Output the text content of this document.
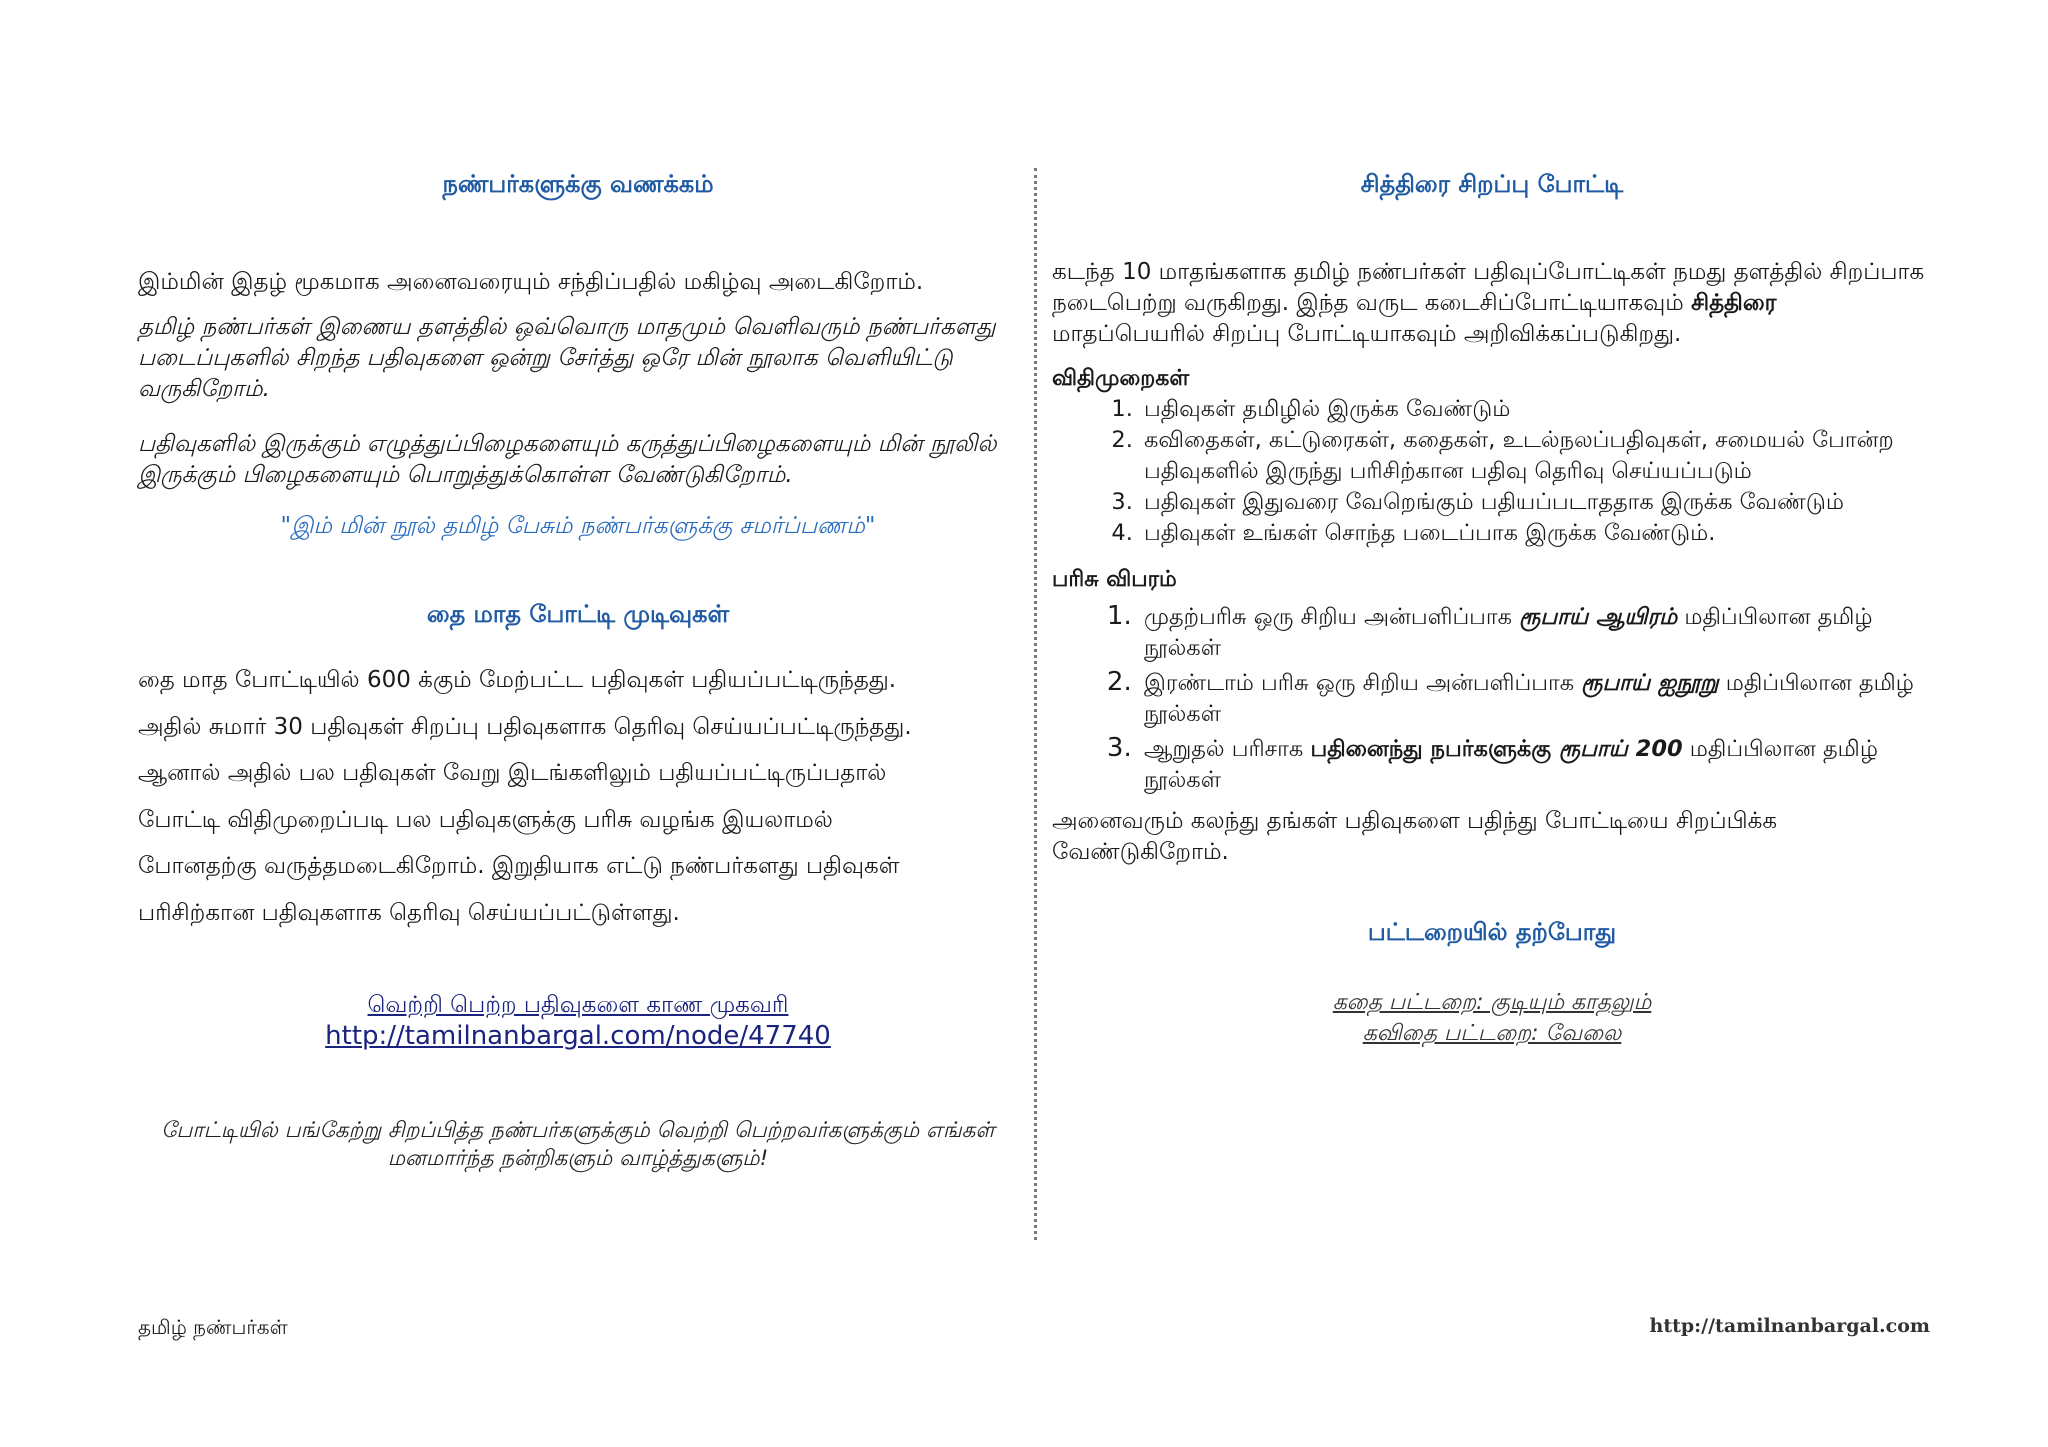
நண்பர்களுக்கு வணக்கம்

இம்மின் இதழ் மூகமாக அனைவரையும் சந்திப்பதில் மகிழ்வு அடைகிறோம்.

தமிழ் நண்பர்கள் இணைய தளத்தில் ஒவ்வொரு மாதமும் வெளிவரும் நண்பர்களது படைப்புகளில் சிறந்த பதிவுகளை ஒன்று சேர்த்து ஒரே மின் நூலாக வெளியிட்டு வருகிறோம்.

பதிவுகளில் இருக்கும் எழுத்துப்பிழைகளையும் கருத்துப்பிழைகளையும் மின் நூலில் இருக்கும் பிழைகளையும் பொறுத்துக்கொள்ள வேண்டுகிறோம்.

"இம் மின் நூல் தமிழ் பேசும் நண்பர்களுக்கு சமர்ப்பணம்"
தை மாத போட்டி முடிவுகள்

தை மாத போட்டியில் 600 க்கும் மேற்பட்ட பதிவுகள் பதியப்பட்டிருந்தது.

அதில் சுமார் 30 பதிவுகள் சிறப்பு பதிவுகளாக தெரிவு செய்யப்பட்டிருந்தது.

ஆனால் அதில் பல பதிவுகள் வேறு இடங்களிலும் பதியப்பட்டிருப்பதால்

போட்டி விதிமுறைப்படி பல பதிவுகளுக்கு பரிசு வழங்க இயலாமல்

போனதற்கு வருத்தமடைகிறோம். இறுதியாக எட்டு நண்பர்களது பதிவுகள்

பரிசிற்கான பதிவுகளாக தெரிவு செய்யப்பட்டுள்ளது.

வெற்றி பெற்ற பதிவுகளை காண முகவரி
http://tamilnanbargal.com/node/47740
போட்டியில் பங்கேற்று சிறப்பித்த நண்பர்களுக்கும் வெற்றி பெற்றவர்களுக்கும் எங்கள் மனமார்ந்த நன்றிகளும் வாழ்த்துகளும்!
சித்திரை சிறப்பு போட்டி

கடந்த 10 மாதங்களாக தமிழ் நண்பர்கள் பதிவுப்போட்டிகள் நமது தளத்தில் சிறப்பாக நடைபெற்று வருகிறது. இந்த வருட கடைசிப்போட்டியாகவும் சித்திரை மாதப்பெயரில் சிறப்பு போட்டியாகவும் அறிவிக்கப்படுகிறது.

விதிமுறைகள்

1. பதிவுகள் தமிழில் இருக்க வேண்டும்
2. கவிதைகள், கட்டுரைகள், கதைகள், உடல்நலப்பதிவுகள், சமையல் போன்ற பதிவுகளில் இருந்து பரிசிற்கான பதிவு தெரிவு செய்யப்படும்
3. பதிவுகள் இதுவரை வேறெங்கும் பதியப்படாததாக இருக்க வேண்டும்
4. பதிவுகள் உங்கள் சொந்த படைப்பாக இருக்க வேண்டும்.

பரிசு விபரம்

1. முதற்பரிசு ஒரு சிறிய அன்பளிப்பாக ரூபாய் ஆயிரம் மதிப்பிலான தமிழ் நூல்கள்
2. இரண்டாம் பரிசு ஒரு சிறிய அன்பளிப்பாக ரூபாய் ஐநூறு மதிப்பிலான தமிழ் நூல்கள்
3. ஆறுதல் பரிசாக பதினைந்து நபர்களுக்கு ரூபாய் 200 மதிப்பிலான தமிழ் நூல்கள்

அனைவரும் கலந்து தங்கள் பதிவுகளை பதிந்து போட்டியை சிறப்பிக்க வேண்டுகிறோம்.

பட்டறையில் தற்போது
கதை பட்டறை: குடியும் காதலும்
கவிதை பட்டறை: வேலை
தமிழ் நண்பர்கள்	http://tamilnanbargal.com
